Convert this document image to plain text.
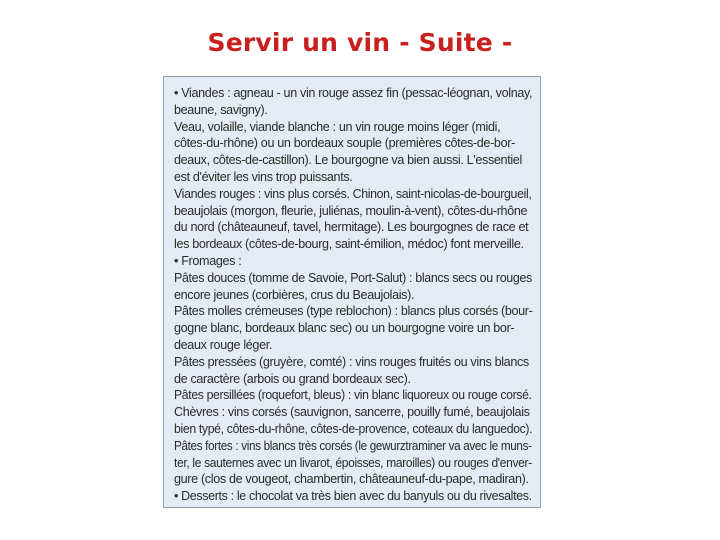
Servir un vin - Suite -
• Viandes : agneau - un vin rouge assez fin (pessac-léognan, volnay,
beaune, savigny).
Veau, volaille, viande blanche : un vin rouge moins léger (midi,
côtes-du-rhône) ou un bordeaux souple (premières côtes-de-bor-
deaux, côtes-de-castillon). Le bourgogne va bien aussi. L'essentiel
est d'éviter les vins trop puissants.
Viandes rouges : vins plus corsés. Chinon, saint-nicolas-de-bourgueil,
beaujolais (morgon, fleurie, juliénas, moulin-à-vent), côtes-du-rhône
du nord (châteauneuf, tavel, hermitage). Les bourgognes de race et
les bordeaux (côtes-de-bourg, saint-émilion, médoc) font merveille.
• Fromages :
Pâtes douces (tomme de Savoie, Port-Salut) : blancs secs ou rouges
encore jeunes (corbières, crus du Beaujolais).
Pâtes molles crémeuses (type reblochon) : blancs plus corsés (bour-
gogne blanc, bordeaux blanc sec) ou un bourgogne voire un bor-
deaux rouge léger.
Pâtes pressées (gruyère, comté) : vins rouges fruités ou vins blancs
de caractère (arbois ou grand bordeaux sec).
Pâtes persillées (roquefort, bleus) : vin blanc liquoreux ou rouge corsé.
Chèvres : vins corsés (sauvignon, sancerre, pouilly fumé, beaujolais
bien typé, côtes-du-rhône, côtes-de-provence, coteaux du languedoc).
Pâtes fortes : vins blancs très corsés (le gewurztraminer va avec le muns-
ter, le sauternes avec un livarot, époisses, maroilles) ou rouges d'enver-
gure (clos de vougeot, chambertin, châteauneuf-du-pape, madiran).
• Desserts : le chocolat va très bien avec du banyuls ou du rivesaltes.
